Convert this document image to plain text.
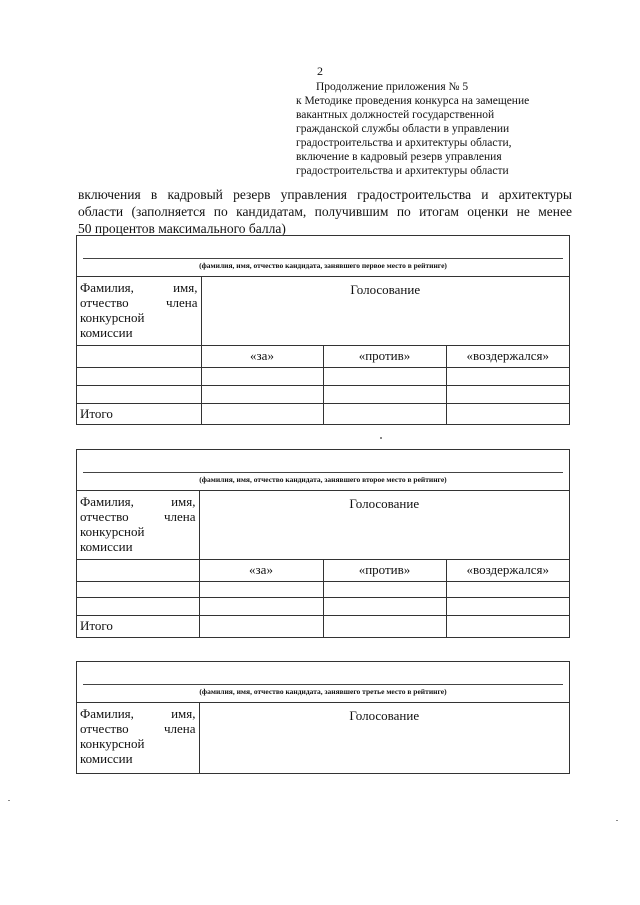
2
Продолжение приложения № 5
к Методике проведения конкурса на замещение
вакантных должностей государственной
гражданской службы области в управлении
градостроительства и архитектуры области,
включение в кадровый резерв управления
градостроительства и архитектуры области
включения в кадровый резерв управления градостроительства и архитектуры
области (заполняется по кандидатам, получившим по итогам оценки не менее
50 процентов максимального балла)
(фамилия, имя, отчество кандидата, занявшего первое место в рейтинге)
Фамилия, имя,
отчество члена
конкурсной
комиссии	Голосование		
	«за»	«против»	«воздержался»

Итого			
(фамилия, имя, отчество кандидата, занявшего второе место в рейтинге)
Фамилия, имя,
отчество члена
конкурсной
комиссии	Голосование		
	«за»	«против»	«воздержался»

Итого			
(фамилия, имя, отчество кандидата, занявшего третье место в рейтинге)
Фамилия,	имя,
отчество	члена
конкурсной
комиссии
	Голосование
